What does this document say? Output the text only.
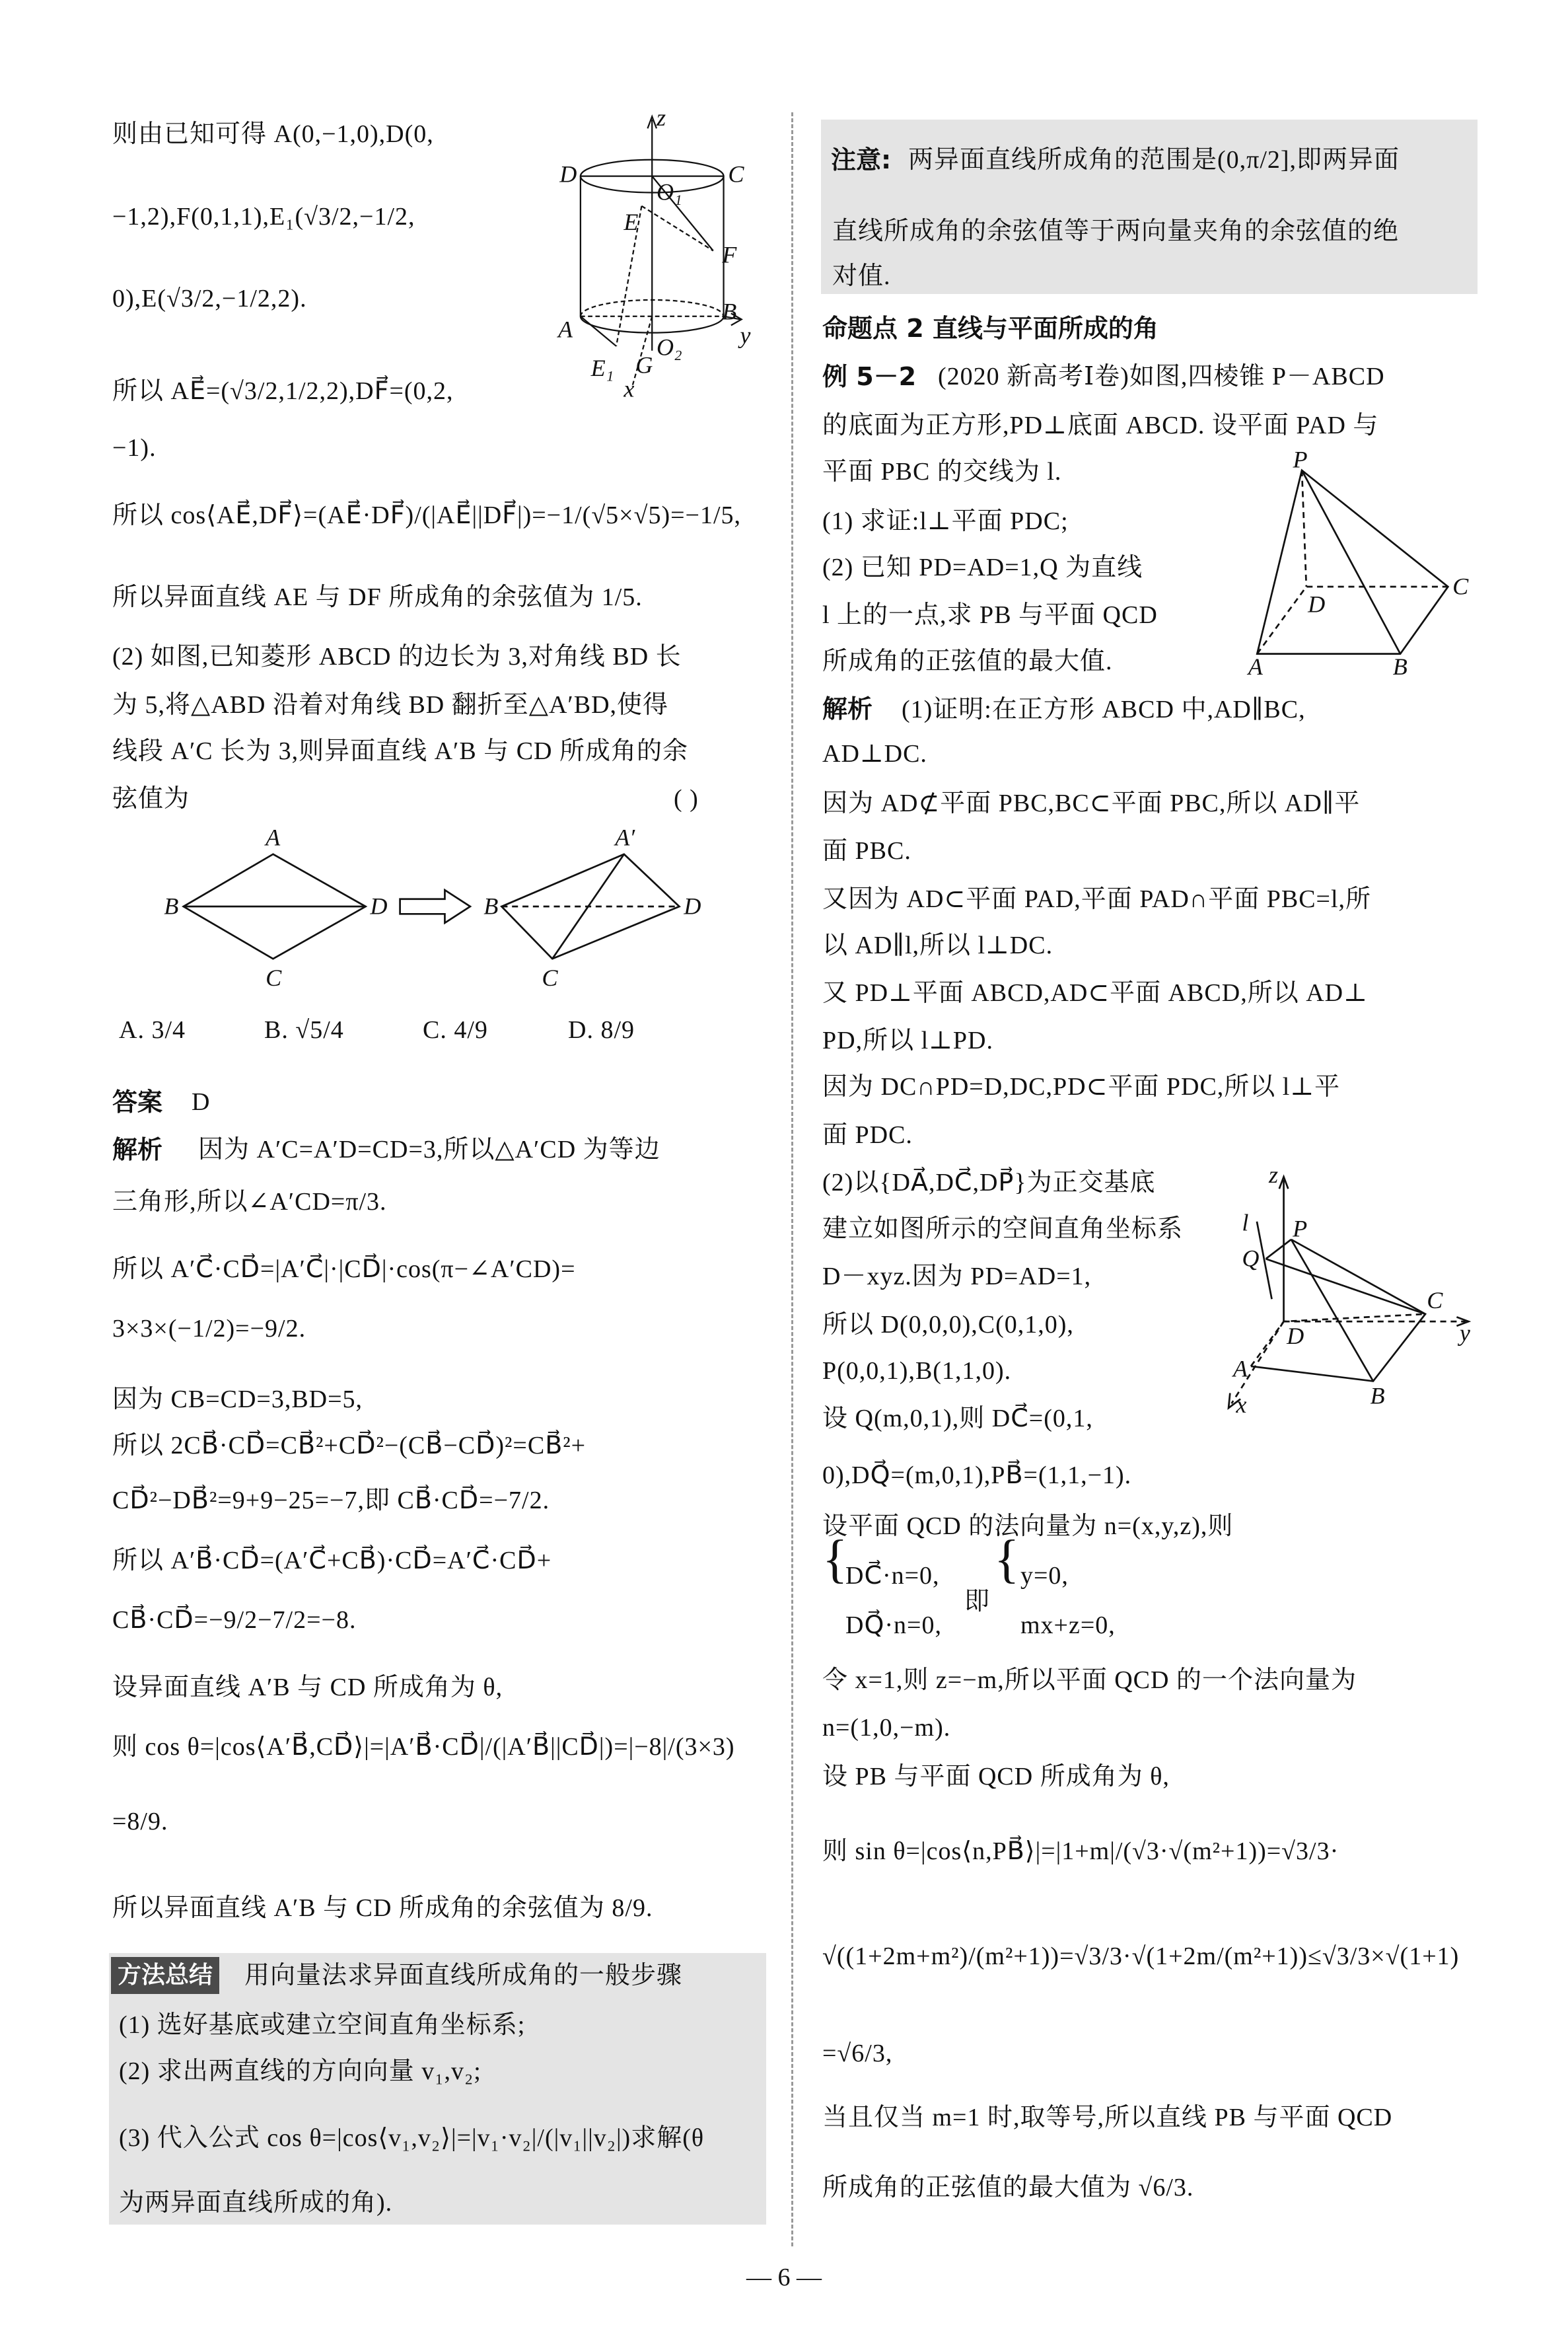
方法总结 用向量法求异面直线所成角的一般步骤
答案 D
解析
( )
注意:
命题点 2 直线与平面所成的角
例 5－2
解析
{
DC⃗·n=0,
DQ⃗·n=0,
即
{ y=0,
mx+z=0,
则由已知可得 A(0,−1,0),D(0,
−1,2),F(0,1,1),E₁(√3/2,−1/2,
0),E(√3/2,−1/2,2).
所以 AE⃗=(√3/2,1/2,2),DF⃗=(0,2,
−1).
所以 cos⟨AE⃗,DF⃗⟩=(AE⃗·DF⃗)/(|AE⃗||DF⃗|)=−1/(√5×√5)=−1/5,
所以异面直线 AE 与 DF 所成角的余弦值为 1/5.
(2) 如图,已知菱形 ABCD 的边长为 3,对角线 BD 长
为 5,将△ABD 沿着对角线 BD 翻折至△A′BD,使得
线段 A′C 长为 3,则异面直线 A′B 与 CD 所成角的余
弦值为
A. 3/4	B. √5/4	C. 4/9	D. 8/9
因为 A′C=A′D=CD=3,所以△A′CD 为等边
三角形,所以∠A′CD=π/3.
所以 A′C⃗·CD⃗=|A′C⃗|·|CD⃗|·cos(π−∠A′CD)=
3×3×(−1/2)=−9/2.
因为 CB=CD=3,BD=5,
所以 2CB⃗·CD⃗=CB⃗²+CD⃗²−(CB⃗−CD⃗)²=CB⃗²+
CD⃗²−DB⃗²=9+9−25=−7,即 CB⃗·CD⃗=−7/2.
所以 A′B⃗·CD⃗=(A′C⃗+CB⃗)·CD⃗=A′C⃗·CD⃗+
CB⃗·CD⃗=−9/2−7/2=−8.
设异面直线 A′B 与 CD 所成角为 θ,
则 cos θ=|cos⟨A′B⃗,CD⃗⟩|=|A′B⃗·CD⃗|/(|A′B⃗||CD⃗|)=|−8|/(3×3)
=8/9.
所以异面直线 A′B 与 CD 所成角的余弦值为 8/9.
(1) 选好基底或建立空间直角坐标系;
(2) 求出两直线的方向向量 v₁,v₂;
(3) 代入公式 cos θ=|cos⟨v₁,v₂⟩|=|v₁·v₂|/(|v₁||v₂|)求解(θ
为两异面直线所成的角).
两异面直线所成角的范围是(0,π/2],即两异面
直线所成角的余弦值等于两向量夹角的余弦值的绝
对值.
(2020 新高考Ⅰ卷)如图,四棱锥 P－ABCD
的底面为正方形,PD⊥底面 ABCD. 设平面 PAD 与
平面 PBC 的交线为 l.
(1) 求证:l⊥平面 PDC;
(2) 已知 PD=AD=1,Q 为直线
l 上的一点,求 PB 与平面 QCD
所成角的正弦值的最大值.
(1)证明:在正方形 ABCD 中,AD∥BC,
AD⊥DC.
因为 AD⊄平面 PBC,BC⊂平面 PBC,所以 AD∥平
面 PBC.
又因为 AD⊂平面 PAD,平面 PAD∩平面 PBC=l,所
以 AD∥l,所以 l⊥DC.
又 PD⊥平面 ABCD,AD⊂平面 ABCD,所以 AD⊥
PD,所以 l⊥PD.
因为 DC∩PD=D,DC,PD⊂平面 PDC,所以 l⊥平
面 PDC.
(2)以{DA⃗,DC⃗,DP⃗}为正交基底
建立如图所示的空间直角坐标系
D－xyz.因为 PD=AD=1,
所以 D(0,0,0),C(0,1,0),
P(0,0,1),B(1,1,0).
设 Q(m,0,1),则 DC⃗=(0,1,
0),DQ⃗=(m,0,1),PB⃗=(1,1,−1).
设平面 QCD 的法向量为 n=(x,y,z),则
令 x=1,则 z=−m,所以平面 QCD 的一个法向量为
n=(1,0,−m).
设 PB 与平面 QCD 所成角为 θ,
则 sin θ=|cos⟨n,PB⃗⟩|=|1+m|/(√3·√(m²+1))=√3/3·
√((1+2m+m²)/(m²+1))=√3/3·√(1+2m/(m²+1))≤√3/3×√(1+1)
=√6/3,
当且仅当 m=1 时,取等号,所以直线 PB 与平面 QCD
所成角的正弦值的最大值为 √6/3.
z
D
O₁
C
E
F
A
B
O₂
E₁ G
x
y
A
B
C
D
A′
B
C
D
P
A	B
C
D
z
P
l
Q
D
C
y
A
x	B
— 6 —
